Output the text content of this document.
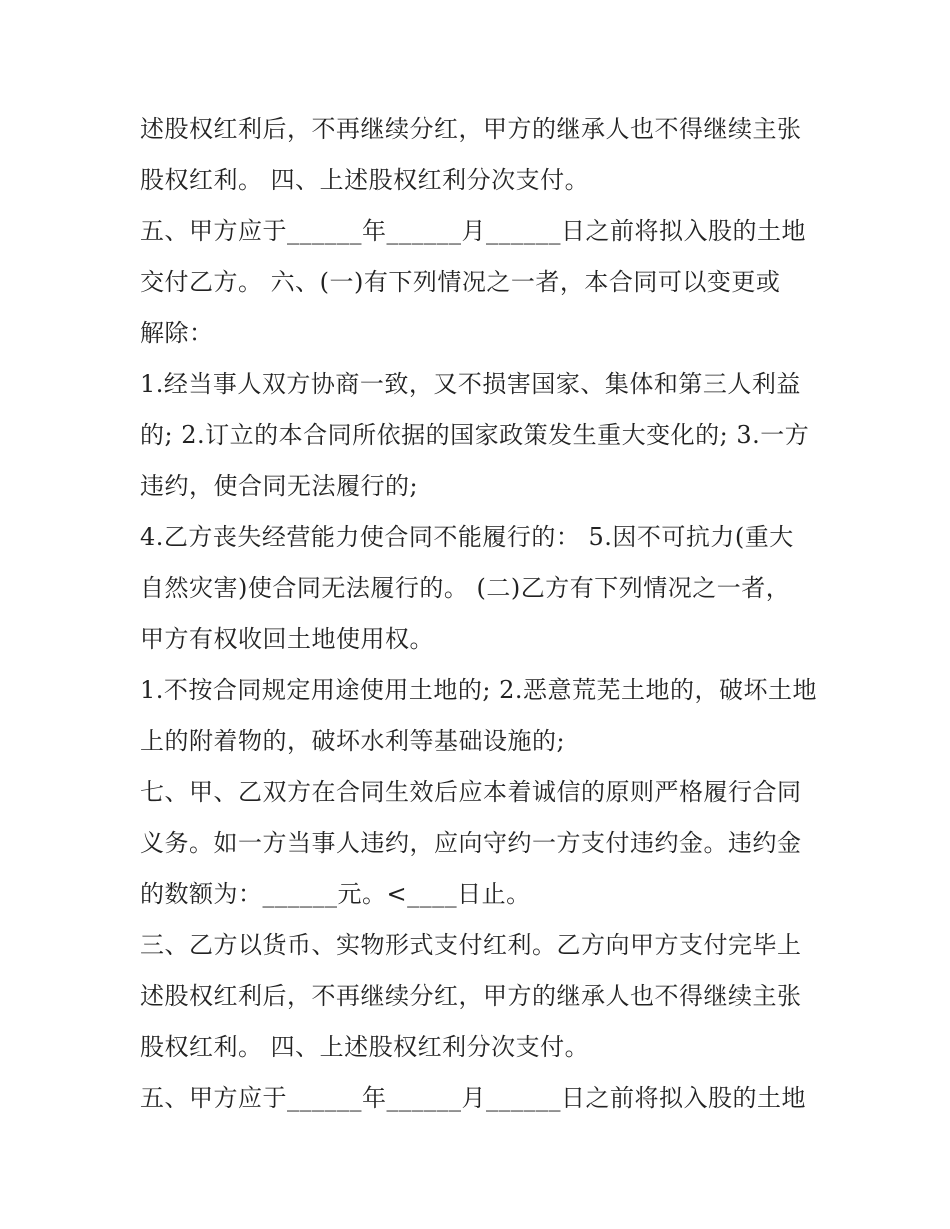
述股权红利后，不再继续分红，甲方的继承人也不得继续主张
股权红利。 四、上述股权红利分次支付。
五、甲方应于______年______月______日之前将拟入股的土地
交付乙方。 六、(一)有下列情况之一者，本合同可以变更或
解除：
1.经当事人双方协商一致，又不损害国家、集体和第三人利益
的; 2.订立的本合同所依据的国家政策发生重大变化的; 3.一方
违约，使合同无法履行的;
4.乙方丧失经营能力使合同不能履行的： 5.因不可抗力(重大
自然灾害)使合同无法履行的。 (二)乙方有下列情况之一者，
甲方有权收回土地使用权。
1.不按合同规定用途使用土地的; 2.恶意荒芜土地的，破坏土地
上的附着物的，破坏水利等基础设施的;
七、甲、乙双方在合同生效后应本着诚信的原则严格履行合同
义务。如一方当事人违约，应向守约一方支付违约金。违约金
的数额为：______元。<____日止。
三、乙方以货币、实物形式支付红利。乙方向甲方支付完毕上
述股权红利后，不再继续分红，甲方的继承人也不得继续主张
股权红利。 四、上述股权红利分次支付。
五、甲方应于______年______月______日之前将拟入股的土地
